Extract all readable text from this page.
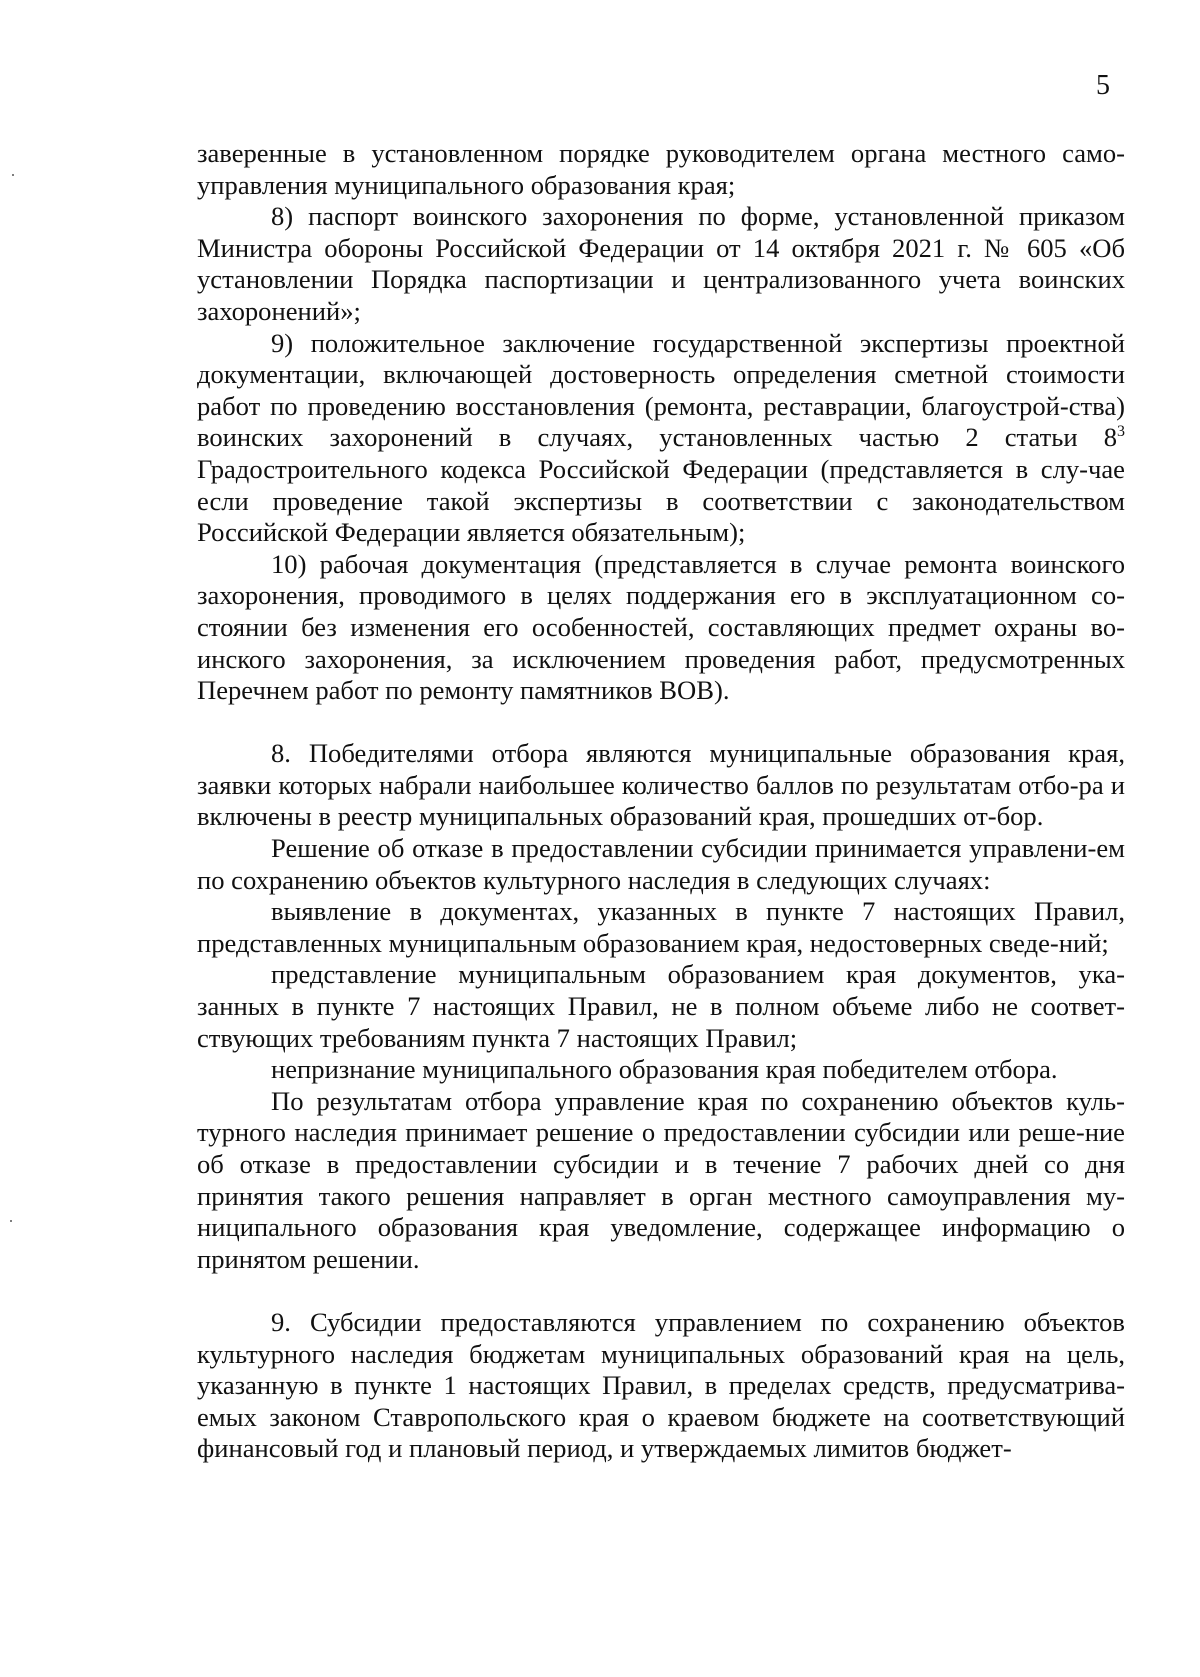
5

заверенные в установленном порядке руководителем органа местного само-управления муниципального образования края;

8) паспорт воинского захоронения по форме, установленной приказом Министра обороны Российской Федерации от 14 октября 2021 г. № 605 «Об установлении Порядка паспортизации и централизованного учета воинских захоронений»;

9) положительное заключение государственной экспертизы проектной документации, включающей достоверность определения сметной стоимости работ по проведению восстановления (ремонта, реставрации, благоустрой-ства) воинских захоронений в случаях, установленных частью 2 статьи $8^3$ Градостроительного кодекса Российской Федерации (представляется в слу-чае если проведение такой экспертизы в соответствии с законодательством Российской Федерации является обязательным);

10) рабочая документация (представляется в случае ремонта воинского захоронения, проводимого в целях поддержания его в эксплуатационном со-стоянии без изменения его особенностей, составляющих предмет охраны во-инского захоронения, за исключением проведения работ, предусмотренных Перечнем работ по ремонту памятников ВОВ).

8. Победителями отбора являются муниципальные образования края, заявки которых набрали наибольшее количество баллов по результатам отбо-ра и включены в реестр муниципальных образований края, прошедших от-бор.

Решение об отказе в предоставлении субсидии принимается управлени-ем по сохранению объектов культурного наследия в следующих случаях:

выявление в документах, указанных в пункте 7 настоящих Правил, представленных муниципальным образованием края, недостоверных сведе-ний;

представление муниципальным образованием края документов, ука-занных в пункте 7 настоящих Правил, не в полном объеме либо не соответ-ствующих требованиям пункта 7 настоящих Правил;

непризнание муниципального образования края победителем отбора.

По результатам отбора управление края по сохранению объектов куль-турного наследия принимает решение о предоставлении субсидии или реше-ние об отказе в предоставлении субсидии и в течение 7 рабочих дней со дня принятия такого решения направляет в орган местного самоуправления му-ниципального образования края уведомление, содержащее информацию о принятом решении.

9. Субсидии предоставляются управлением по сохранению объектов культурного наследия бюджетам муниципальных образований края на цель, указанную в пункте 1 настоящих Правил, в пределах средств, предусматрива-емых законом Ставропольского края о краевом бюджете на соответствующий финансовый год и плановый период, и утверждаемых лимитов бюджет-
